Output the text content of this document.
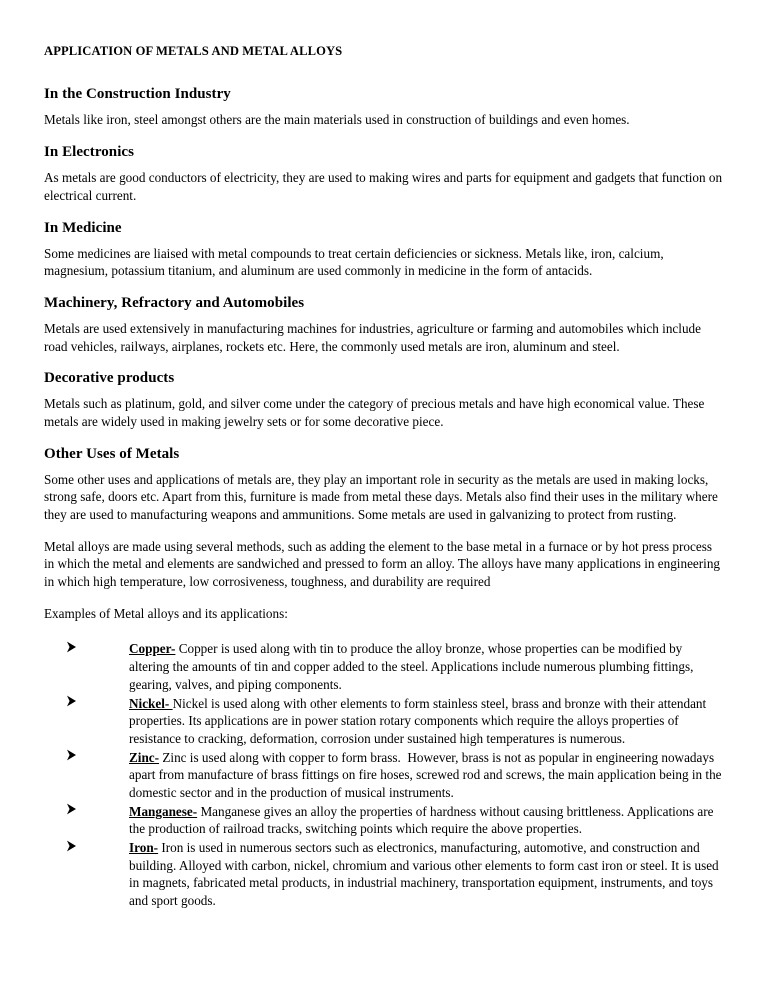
APPLICATION OF METALS AND METAL ALLOYS
In the Construction Industry

Metals like iron, steel amongst others are the main materials used in construction of buildings and even homes.

In Electronics

As metals are good conductors of electricity, they are used to making wires and parts for equipment and gadgets that function on electrical current.

In Medicine

Some medicines are liaised with metal compounds to treat certain deficiencies or sickness. Metals like, iron, calcium, magnesium, potassium titanium, and aluminum are used commonly in medicine in the form of antacids.

Machinery, Refractory and Automobiles

Metals are used extensively in manufacturing machines for industries, agriculture or farming and automobiles which include road vehicles, railways, airplanes, rockets etc. Here, the commonly used metals are iron, aluminum and steel.

Decorative products

Metals such as platinum, gold, and silver come under the category of precious metals and have high economical value. These metals are widely used in making jewelry sets or for some decorative piece.

Other Uses of Metals

Some other uses and applications of metals are, they play an important role in security as the metals are used in making locks, strong safe, doors etc. Apart from this, furniture is made from metal these days. Metals also find their uses in the military where they are used to manufacturing weapons and ammunitions. Some metals are used in galvanizing to protect from rusting.

Metal alloys are made using several methods, such as adding the element to the base metal in a furnace or by hot press process in which the metal and elements are sandwiched and pressed to form an alloy. The alloys have many applications in engineering in which high temperature, low corrosiveness, toughness, and durability are required

Examples of Metal alloys and its applications:

Copper- Copper is used along with tin to produce the alloy bronze, whose properties can be modified by altering the amounts of tin and copper added to the steel. Applications include numerous plumbing fittings, gearing, valves, and piping components.
Nickel- Nickel is used along with other elements to form stainless steel, brass and bronze with their attendant properties. Its applications are in power station rotary components which require the alloys properties of resistance to cracking, deformation, corrosion under sustained high temperatures is numerous.
Zinc- Zinc is used along with copper to form brass.  However, brass is not as popular in engineering nowadays apart from manufacture of brass fittings on fire hoses, screwed rod and screws, the main application being in the domestic sector and in the production of musical instruments.
Manganese- Manganese gives an alloy the properties of hardness without causing brittleness. Applications are the production of railroad tracks, switching points which require the above properties.
Iron- Iron is used in numerous sectors such as electronics, manufacturing, automotive, and construction and building. Alloyed with carbon, nickel, chromium and various other elements to form cast iron or steel. It is used in magnets, fabricated metal products, in industrial machinery, transportation equipment, instruments, and toys and sport goods.
